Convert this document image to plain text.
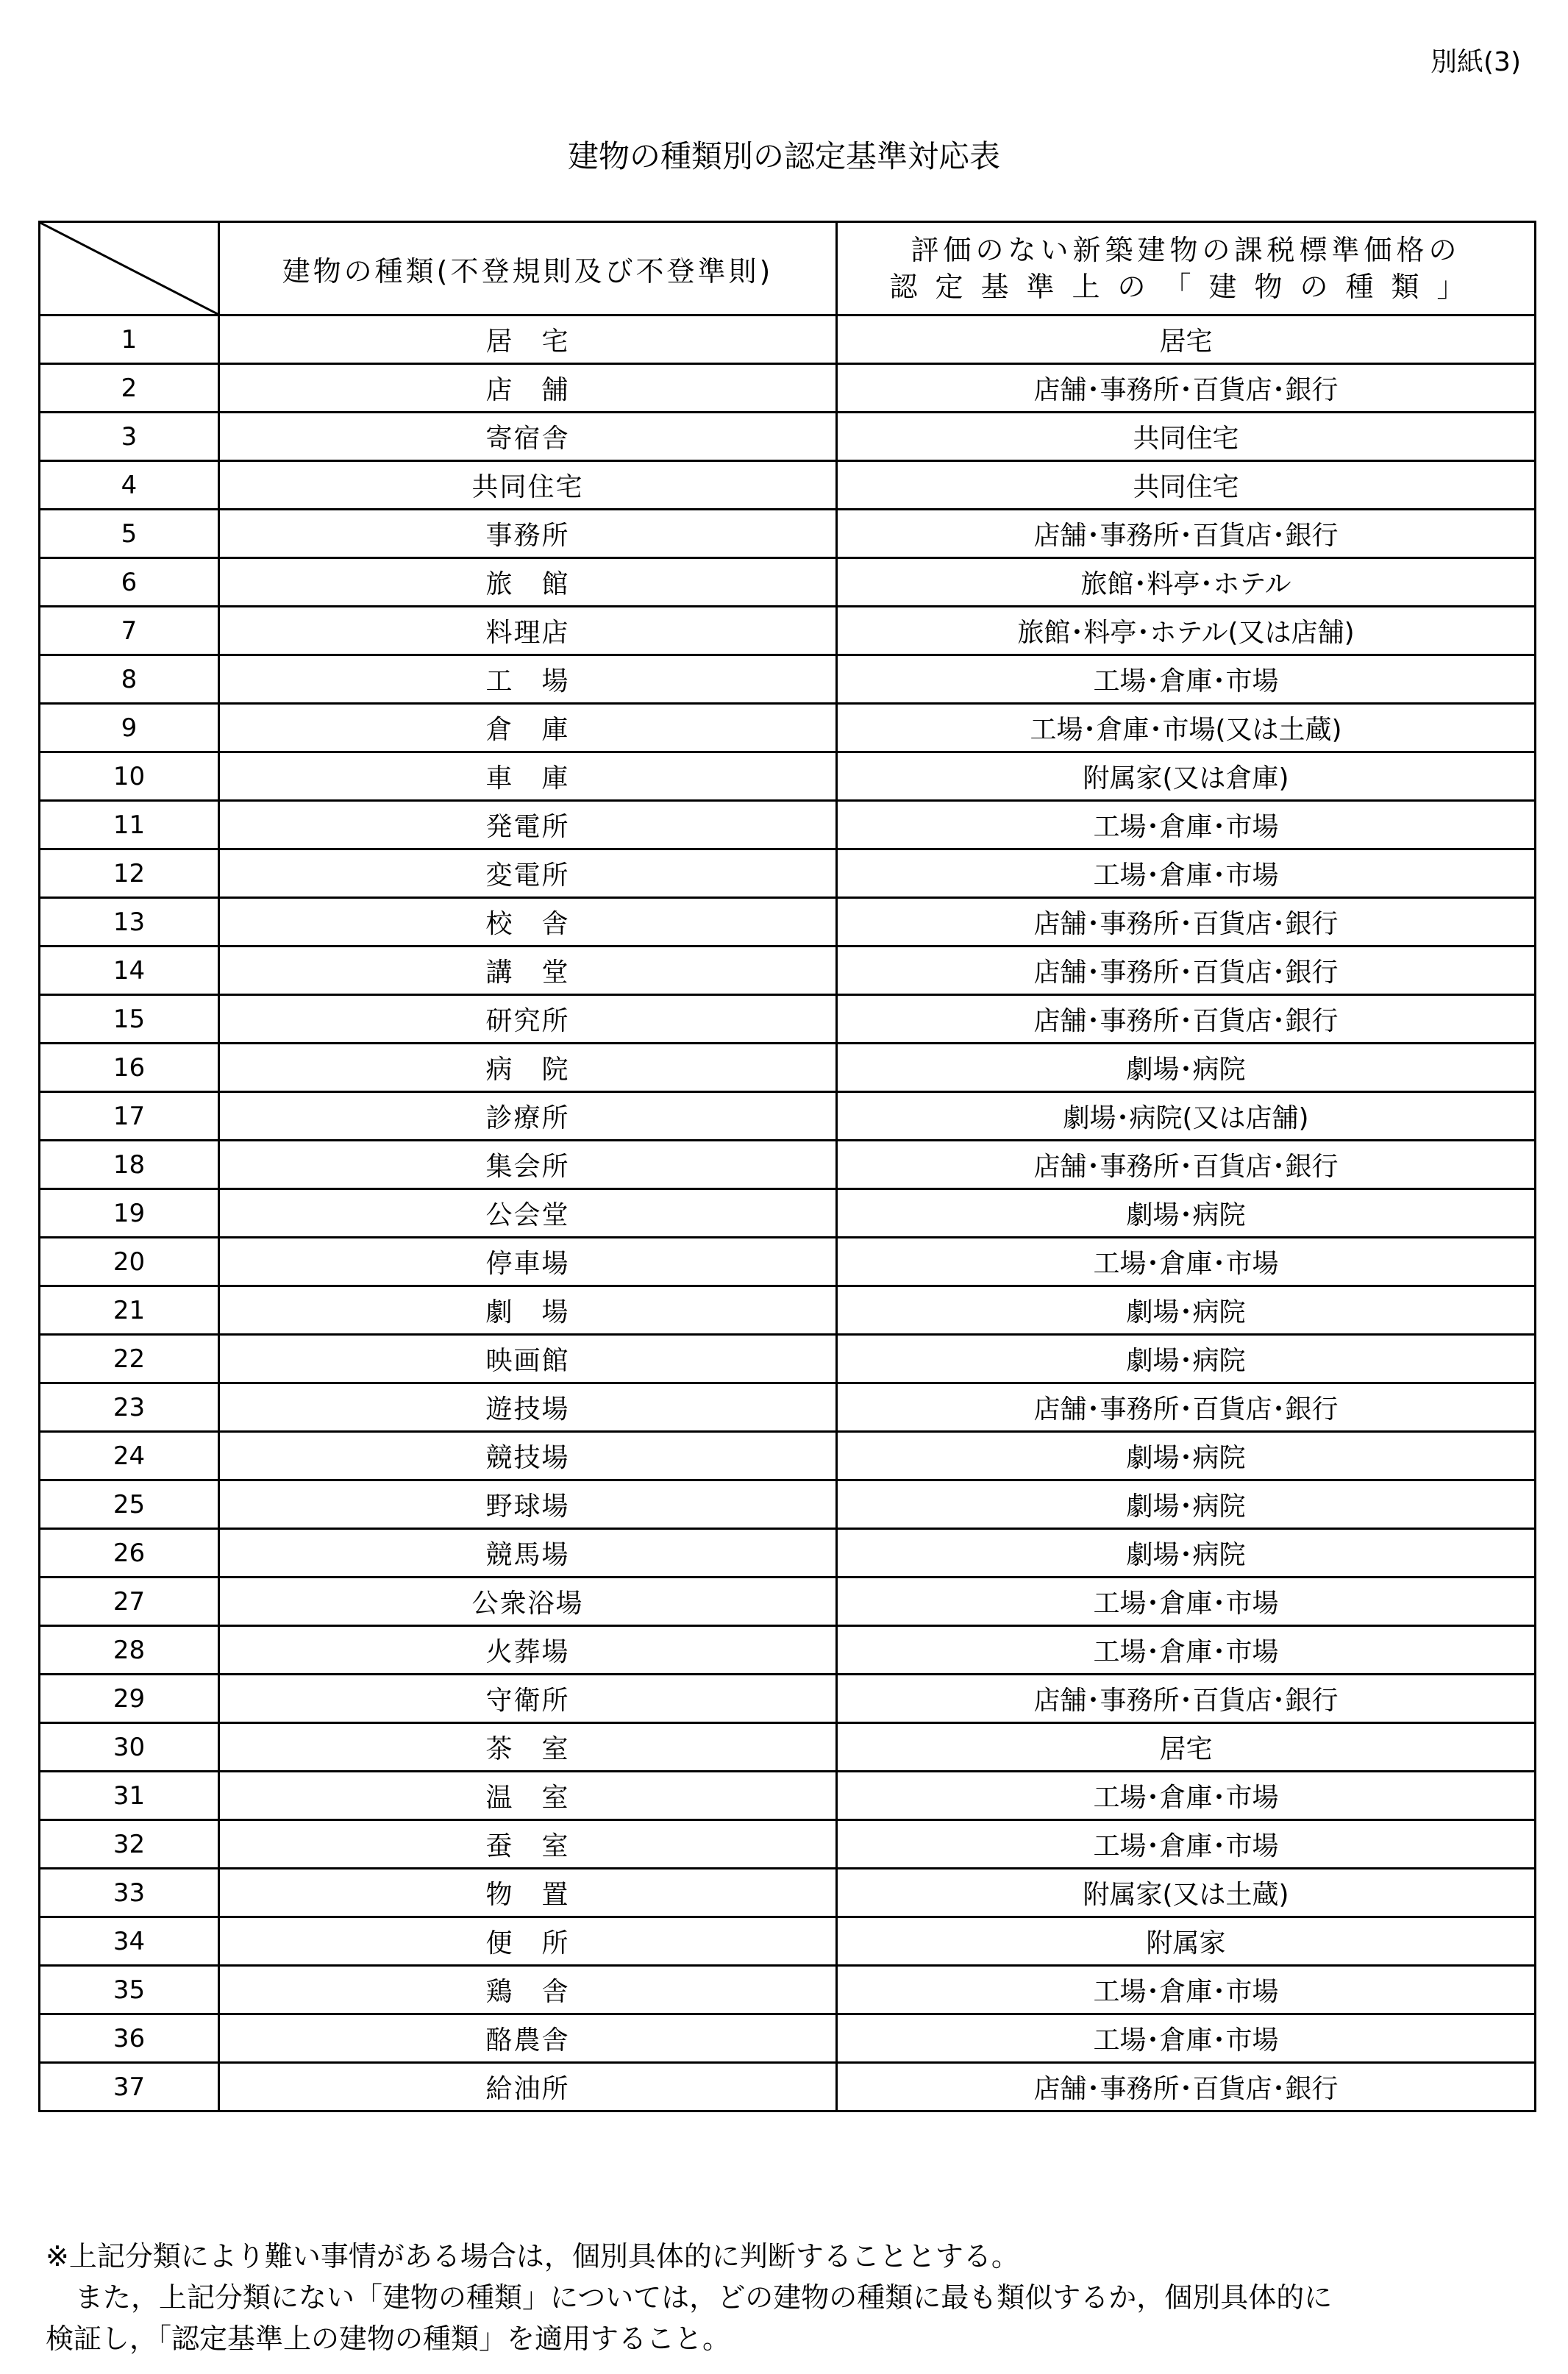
別紙(3)
建物の種類別の認定基準対応表
	建物の種類(不登規則及び不登準則)	評価のない新築建物の課税標準価格の
認定基準上の「建物の種類」

1	居　宅	居宅
2	店　舗	店舗･事務所･百貨店･銀行
3	寄宿舎	共同住宅
4	共同住宅	共同住宅
5	事務所	店舗･事務所･百貨店･銀行
6	旅　館	旅館･料亭･ホテル
7	料理店	旅館･料亭･ホテル(又は店舗)
8	工　場	工場･倉庫･市場
9	倉　庫	工場･倉庫･市場(又は土蔵)
10	車　庫	附属家(又は倉庫)
11	発電所	工場･倉庫･市場
12	変電所	工場･倉庫･市場
13	校　舎	店舗･事務所･百貨店･銀行
14	講　堂	店舗･事務所･百貨店･銀行
15	研究所	店舗･事務所･百貨店･銀行
16	病　院	劇場･病院
17	診療所	劇場･病院(又は店舗)
18	集会所	店舗･事務所･百貨店･銀行
19	公会堂	劇場･病院
20	停車場	工場･倉庫･市場
21	劇　場	劇場･病院
22	映画館	劇場･病院
23	遊技場	店舗･事務所･百貨店･銀行
24	競技場	劇場･病院
25	野球場	劇場･病院
26	競馬場	劇場･病院
27	公衆浴場	工場･倉庫･市場
28	火葬場	工場･倉庫･市場
29	守衛所	店舗･事務所･百貨店･銀行
30	茶　室	居宅
31	温　室	工場･倉庫･市場
32	蚕　室	工場･倉庫･市場
33	物　置	附属家(又は土蔵)
34	便　所	附属家
35	鶏　舎	工場･倉庫･市場
36	酪農舎	工場･倉庫･市場
37	給油所	店舗･事務所･百貨店･銀行

※上記分類により難い事情がある場合は，個別具体的に判断することとする。

また，上記分類にない「建物の種類」については，どの建物の種類に最も類似するか，個別具体的に

検証し，「認定基準上の建物の種類」を適用すること。
